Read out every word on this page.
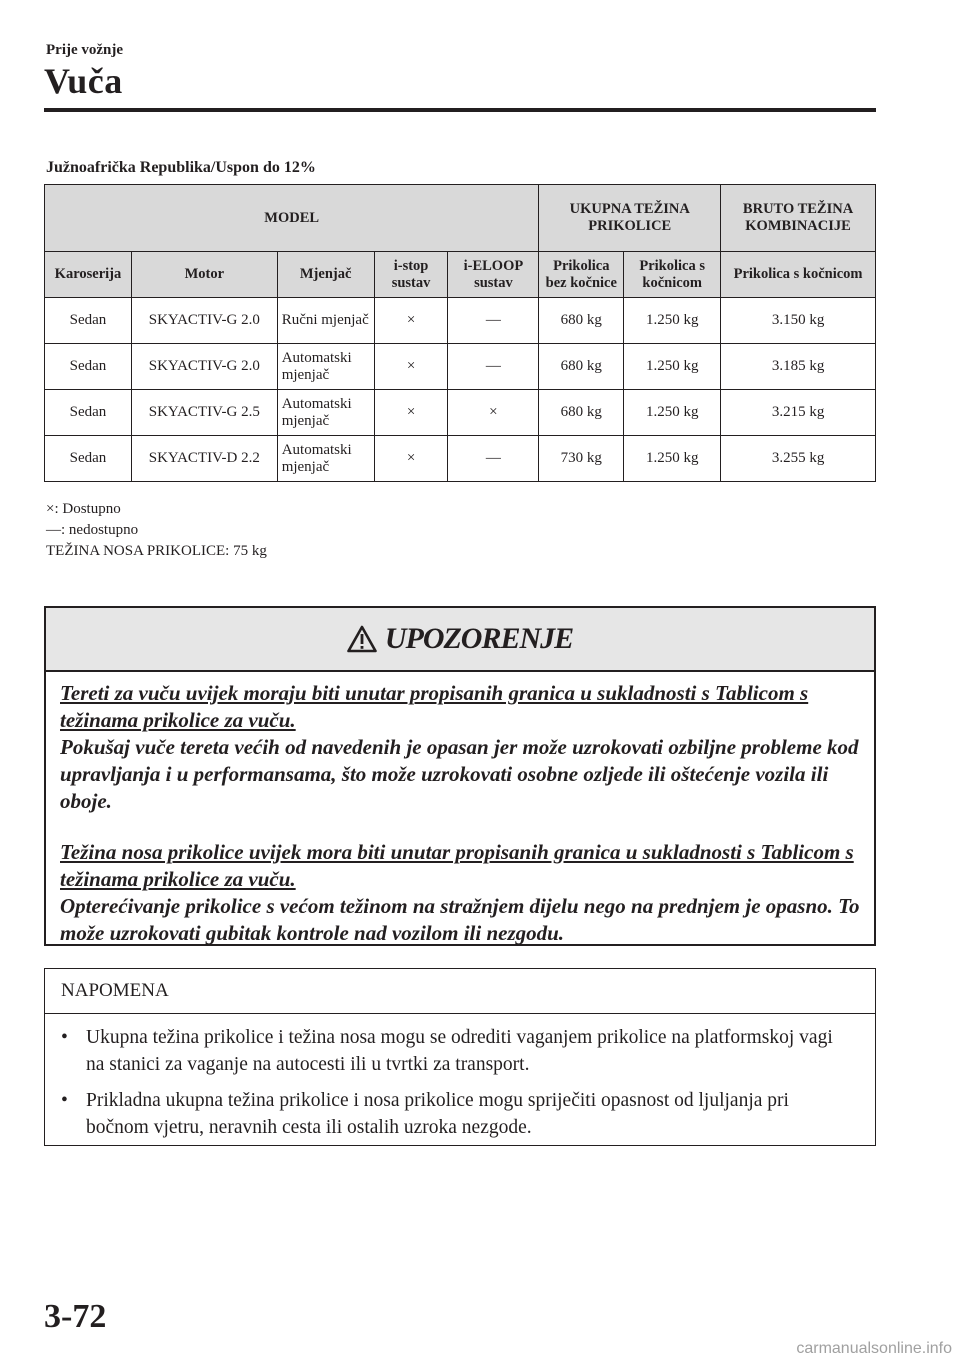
Prije vožnje
Vuča
Južnoafrička Republika/Uspon do 12%
MODEL					UKUPNA TEŽINA PRIKOLICE		BRUTO TEŽINA KOMBINACIJE
Karoserija	Motor	Mjenjač	i-stop sustav	i-ELOOP sustav	Prikolica bez kočnice	Prikolica s kočnicom	Prikolica s kočnicom
Sedan	SKYACTIV-G 2.0	Ručni mjenjač	×	—	680 kg	1.250 kg	3.150 kg
Sedan	SKYACTIV-G 2.0	Automatski mjenjač	×	—	680 kg	1.250 kg	3.185 kg
Sedan	SKYACTIV-G 2.5	Automatski mjenjač	×	×	680 kg	1.250 kg	3.215 kg
Sedan	SKYACTIV-D 2.2	Automatski mjenjač	×	—	730 kg	1.250 kg	3.255 kg
×: Dostupno
—: nedostupno
TEŽINA NOSA PRIKOLICE: 75 kg
UPOZORENJE

Tereti za vuču uvijek moraju biti unutar propisanih granica u sukladnosti s Tablicom s težinama prikolice za vuču.

Pokušaj vuče tereta većih od navedenih je opasan jer može uzrokovati ozbiljne probleme kod upravljanja i u performansama, što može uzrokovati osobne ozljede ili oštećenje vozila ili oboje.

Težina nosa prikolice uvijek mora biti unutar propisanih granica u sukladnosti s Tablicom s težinama prikolice za vuču.

Opterećivanje prikolice s većom težinom na stražnjem dijelu nego na prednjem je opasno. To može uzrokovati gubitak kontrole nad vozilom ili nezgodu.

NAPOMENA
• Ukupna težina prikolice i težina nosa mogu se odrediti vaganjem prikolice na platformskoj vagi na stanici za vaganje na autocesti ili u tvrtki za transport.
• Prikladna ukupna težina prikolice i nosa prikolice mogu spriječiti opasnost od ljuljanja pri bočnom vjetru, neravnih cesta ili ostalih uzroka nezgode.
3-72
carmanualsonline.info
